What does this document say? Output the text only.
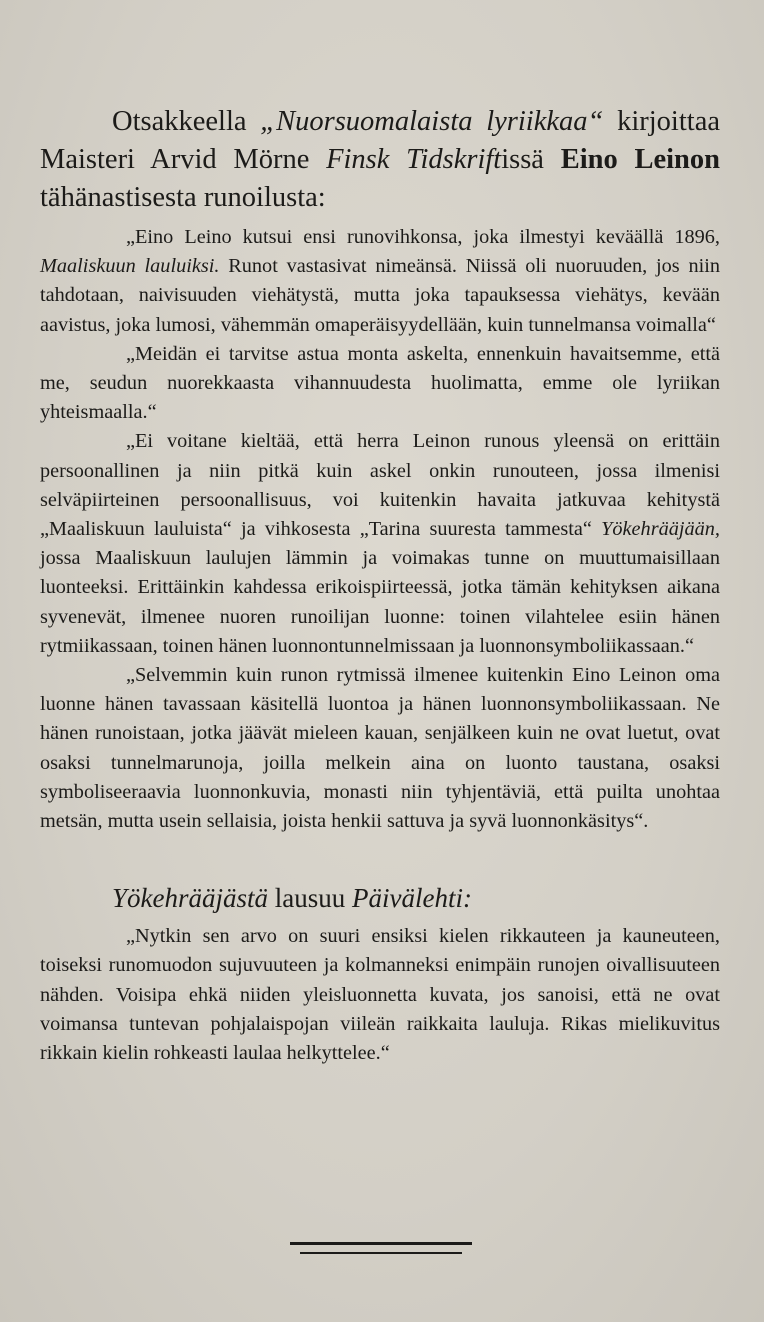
Otsakkeella „Nuorsuomalaista lyriikkaa“ kirjoittaa Maisteri Arvid Mörne Finsk Tidskriftissä Eino Leinon tähänastisesta runoilusta:

„Eino Leino kutsui ensi runovihkonsa, joka ilmestyi keväällä 1896, Maaliskuun lauluiksi. Runot vastasivat nimeänsä. Niissä oli nuoruuden, jos niin tahdotaan, naivisuuden viehätystä, mutta joka tapauksessa viehätys, kevään aavistus, joka lumosi, vähemmän omaperäisyydellään, kuin tunnelmansa voimalla“

„Meidän ei tarvitse astua monta askelta, ennenkuin havaitsemme, että me, seudun nuorekkaasta vihannuudesta huolimatta, emme ole lyriikan yhteismaalla.“

„Ei voitane kieltää, että herra Leinon runous yleensä on erittäin persoonallinen ja niin pitkä kuin askel onkin runouteen, jossa ilmenisi selväpiirteinen persoonallisuus, voi kuitenkin havaita jatkuvaa kehitystä „Maaliskuun lauluista“ ja vihkosesta „Tarina suuresta tammesta“ Yökehrääjään, jossa Maaliskuun laulujen lämmin ja voimakas tunne on muuttumaisillaan luonteeksi. Erittäinkin kahdessa erikoispiirteessä, jotka tämän kehityksen aikana syvenevät, ilmenee nuoren runoilijan luonne: toinen vilahtelee esiin hänen rytmiikassaan, toinen hänen luonnontunnelmissaan ja luonnonsymboliikassaan.“

„Selvemmin kuin runon rytmissä ilmenee kuitenkin Eino Leinon oma luonne hänen tavassaan käsitellä luontoa ja hänen luonnonsymboliikassaan. Ne hänen runoistaan, jotka jäävät mieleen kauan, senjälkeen kuin ne ovat luetut, ovat osaksi tunnelmarunoja, joilla melkein aina on luonto taustana, osaksi symboliseeraavia luonnonkuvia, monasti niin tyhjentäviä, että puilta unohtaa metsän, mutta usein sellaisia, joista henkii sattuva ja syvä luonnonkäsitys“.

Yökehrääjästä lausuu Päivälehti:

„Nytkin sen arvo on suuri ensiksi kielen rikkauteen ja kauneuteen, toiseksi runomuodon sujuvuuteen ja kolmanneksi enimpäin runojen oivallisuuteen nähden. Voisipa ehkä niiden yleisluonnetta kuvata, jos sanoisi, että ne ovat voimansa tuntevan pohjalaispojan viileän raikkaita lauluja. Rikas mielikuvitus rikkain kielin rohkeasti laulaa helkyttelee.“
